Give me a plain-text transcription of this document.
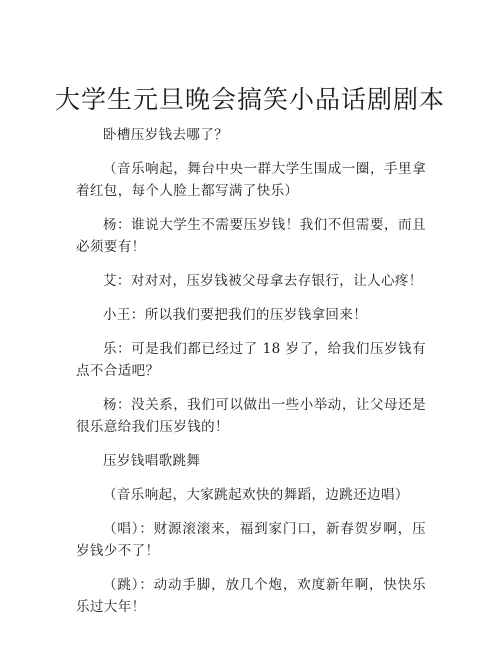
大学生元旦晚会搞笑小品话剧剧本

卧槽压岁钱去哪了？

（音乐响起，舞台中央一群大学生围成一圈，手里拿着红包，每个人脸上都写满了快乐）

杨：谁说大学生不需要压岁钱！我们不但需要，而且必须要有！

艾：对对对，压岁钱被父母拿去存银行，让人心疼！

小王：所以我们要把我们的压岁钱拿回来！

乐：可是我们都已经过了 18 岁了，给我们压岁钱有点不合适吧？

杨：没关系，我们可以做出一些小举动，让父母还是很乐意给我们压岁钱的！

压岁钱唱歌跳舞

（音乐响起，大家跳起欢快的舞蹈，边跳还边唱）

（唱）：财源滚滚来，福到家门口，新春贺岁啊，压岁钱少不了！

（跳）：动动手脚，放几个炮，欢度新年啊，快快乐乐过大年！
